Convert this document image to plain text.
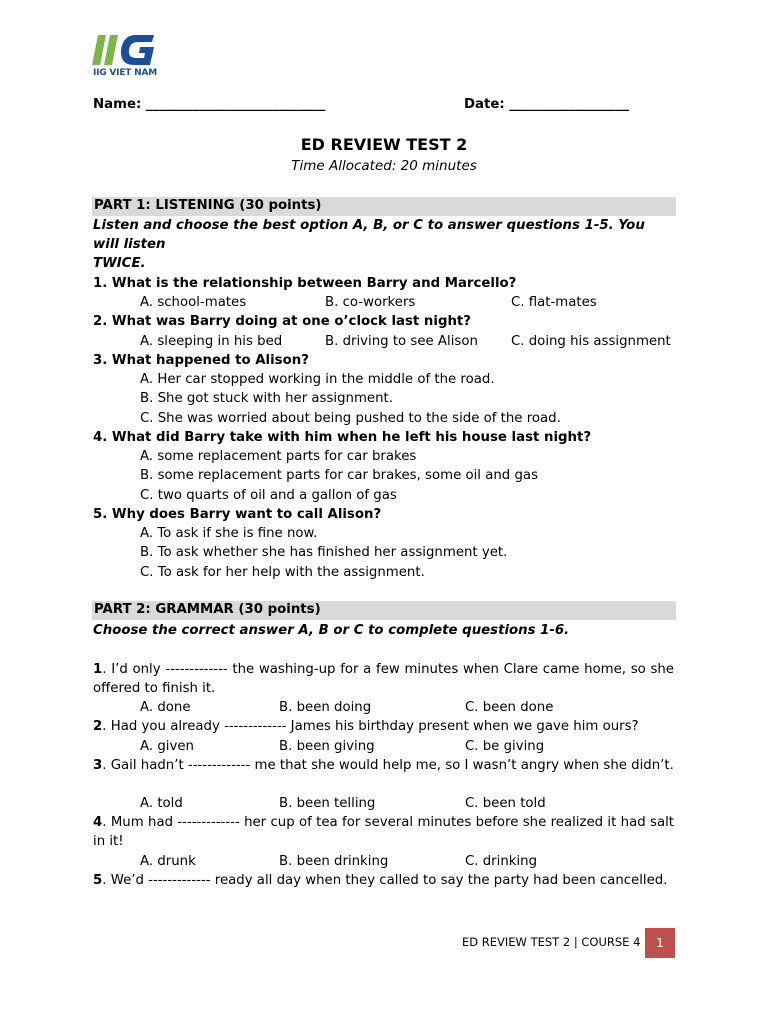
IIG VIET NAM
Name: ___________________________	Date: __________________
ED REVIEW TEST 2
Time Allocated: 20 minutes
PART 1: LISTENING (30 points)
Listen and choose the best option A, B, or C to answer questions 1-5. You will listen
TWICE.
1. What is the relationship between Barry and Marcello?
A. school-mates	B. co-workers	C. flat-mates
2. What was Barry doing at one o’clock last night?
A. sleeping in his bed	B. driving to see Alison C. doing his assignment
3. What happened to Alison?
A. Her car stopped working in the middle of the road.
B. She got stuck with her assignment.
C. She was worried about being pushed to the side of the road.
4. What did Barry take with him when he left his house last night?
A. some replacement parts for car brakes
B. some replacement parts for car brakes, some oil and gas
C. two quarts of oil and a gallon of gas
5. Why does Barry want to call Alison?
A. To ask if she is fine now.
B. To ask whether she has finished her assignment yet.
C. To ask for her help with the assignment.
PART 2: GRAMMAR (30 points)
Choose the correct answer A, B or C to complete questions 1-6.
1. I’d only ------------- the washing-up for a few minutes when Clare came home, so she offered to finish it.
A. done	B. been doing	C. been done
2. Had you already ------------- James his birthday present when we gave him ours?
A. given	B. been giving	C. be giving
3. Gail hadn’t ------------- me that she would help me, so I wasn’t angry when she didn’t.
A. told	B. been telling	C. been told
4. Mum had ------------- her cup of tea for several minutes before she realized it had salt in it!
A. drunk	B. been drinking	C. drinking
5. We’d ------------- ready all day when they called to say the party had been cancelled.
ED REVIEW TEST 2 | COURSE 4	1
